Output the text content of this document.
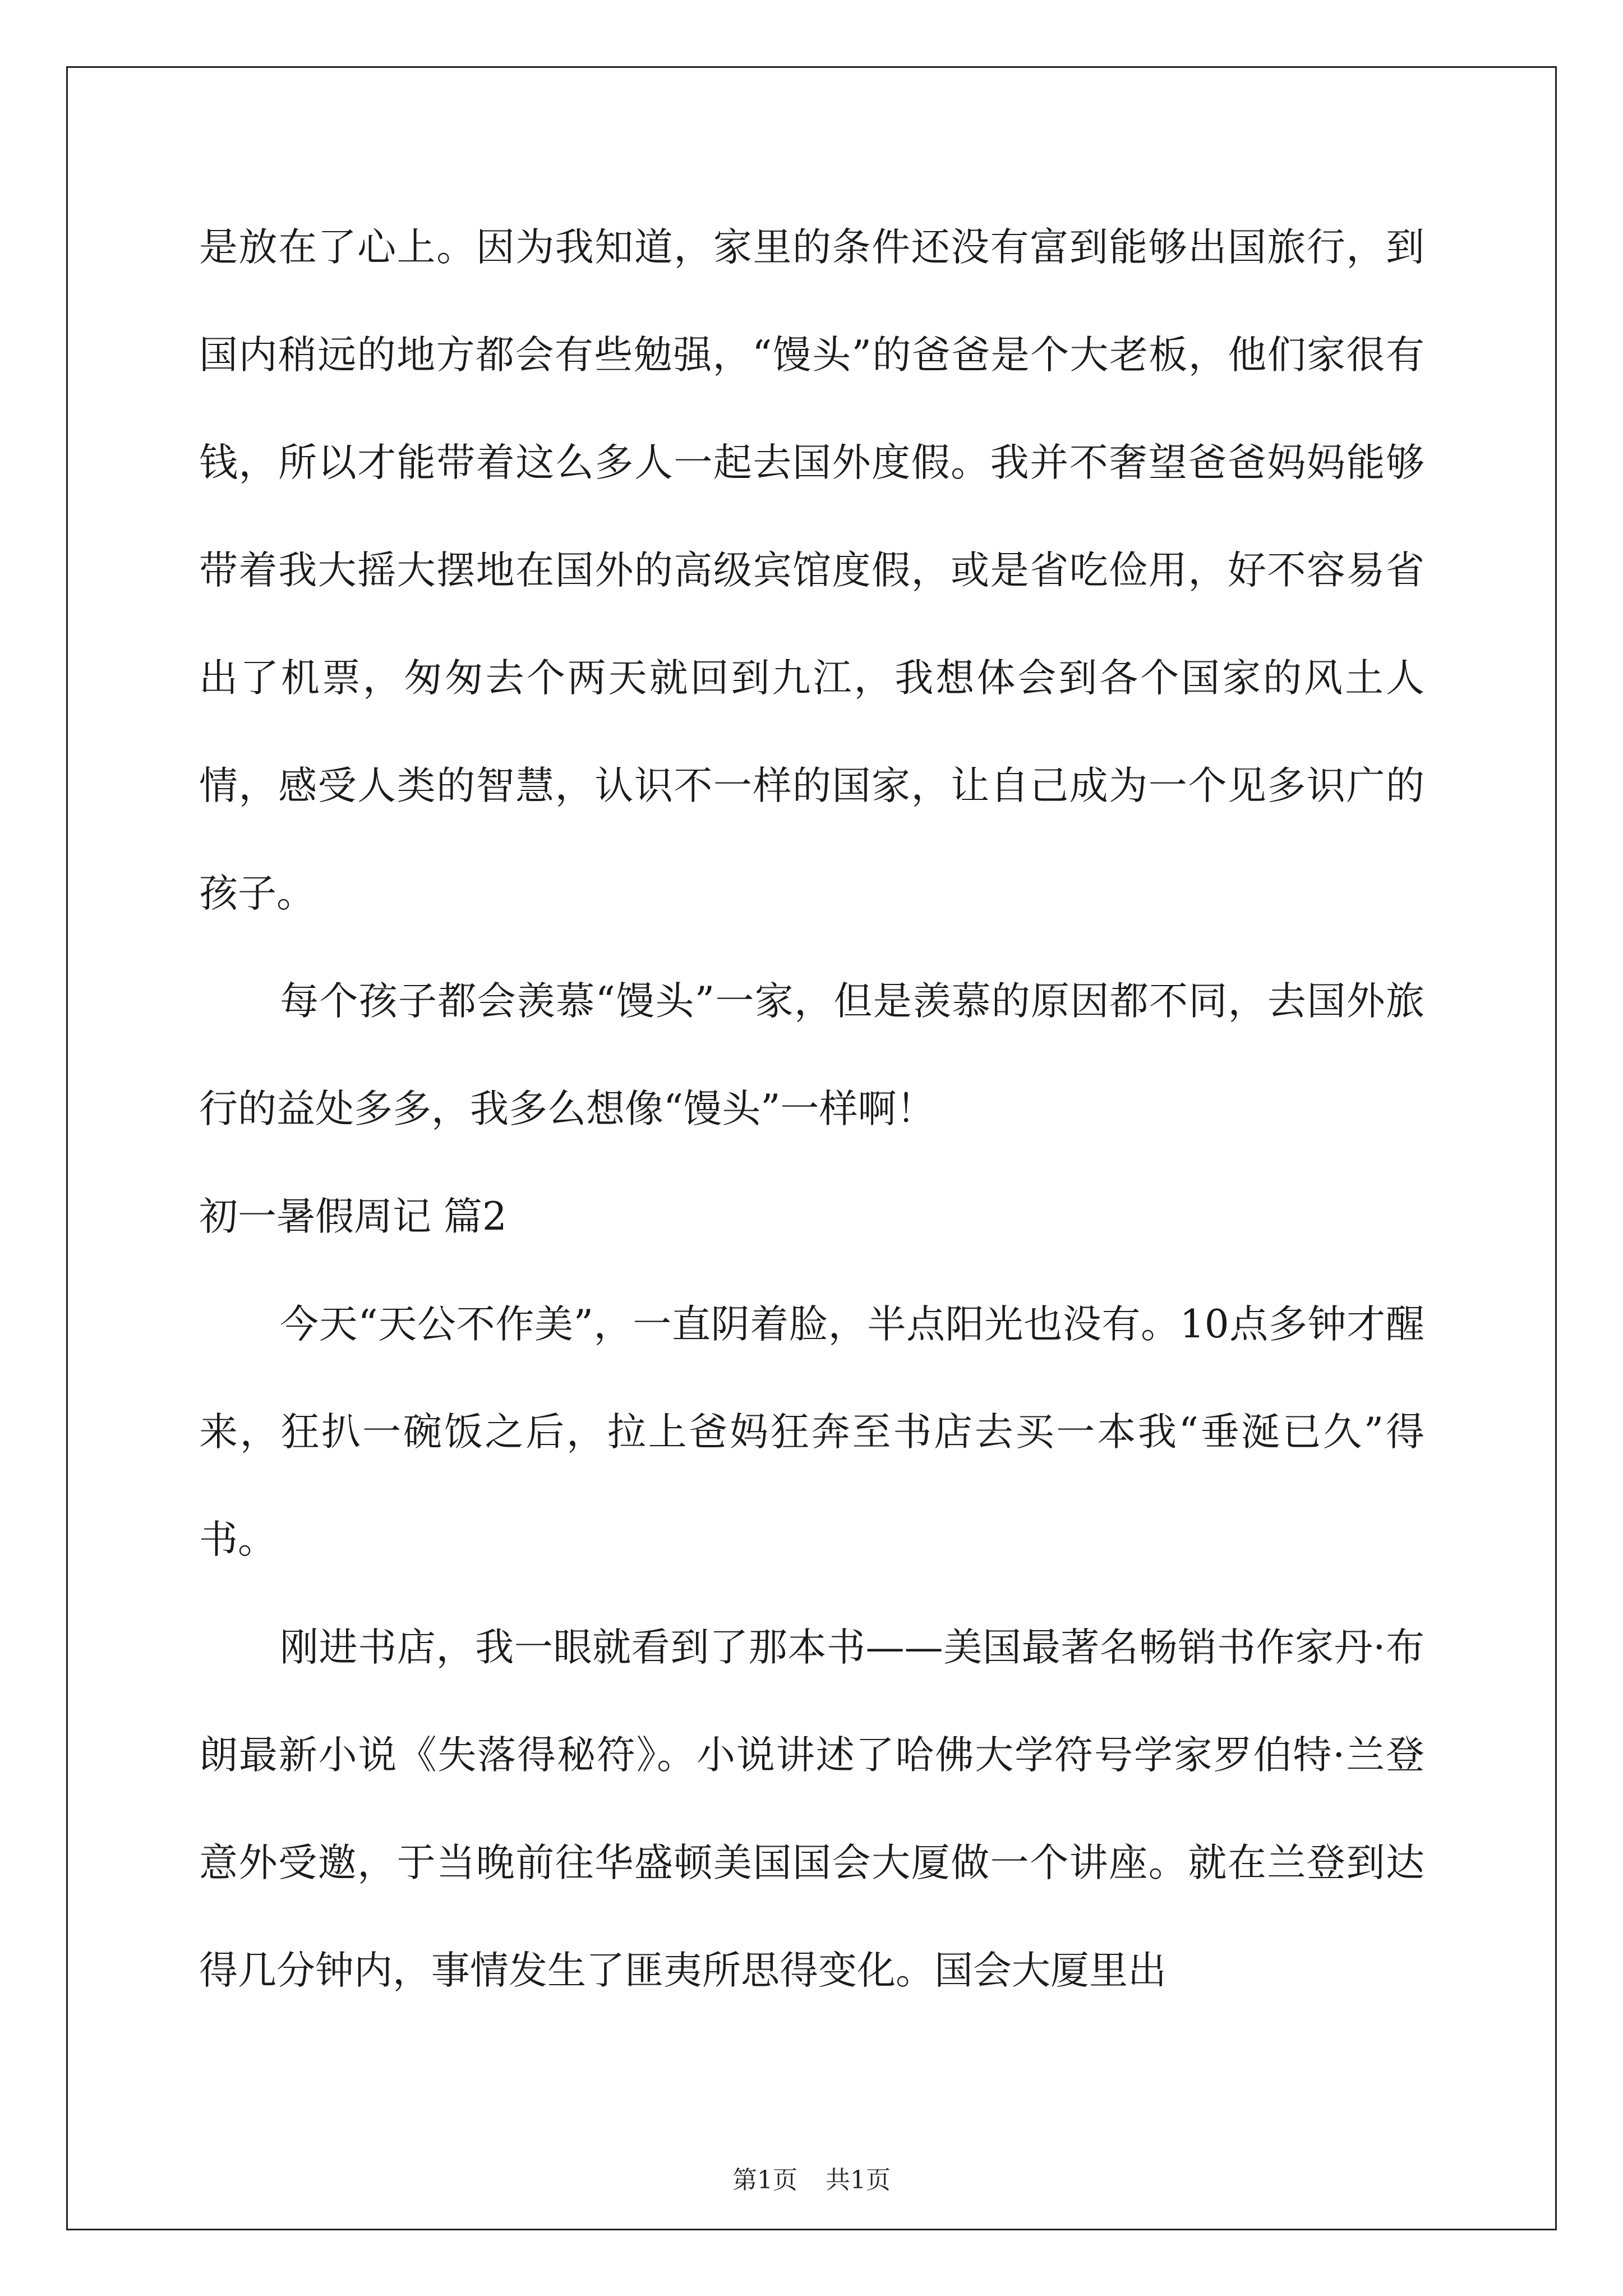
是放在了心上。因为我知道，家里的条件还没有富到能够出国旅行，到国内稍远的地方都会有些勉强，“馒头”的爸爸是个大老板，他们家很有钱，所以才能带着这么多人一起去国外度假。我并不奢望爸爸妈妈能够带着我大摇大摆地在国外的高级宾馆度假，或是省吃俭用，好不容易省出了机票，匆匆去个两天就回到九江，我想体会到各个国家的风土人情，感受人类的智慧，认识不一样的国家，让自己成为一个见多识广的孩子。

每个孩子都会羡慕“馒头”一家，但是羡慕的原因都不同，去国外旅行的益处多多，我多么想像“馒头”一样啊！

初一暑假周记 篇2

今天“天公不作美”，一直阴着脸，半点阳光也没有。10点多钟才醒来，狂扒一碗饭之后，拉上爸妈狂奔至书店去买一本我“垂涎已久”得书。

刚进书店，我一眼就看到了那本书——美国最著名畅销书作家丹·布朗最新小说《失落得秘符》。小说讲述了哈佛大学符号学家罗伯特·兰登意外受邀，于当晚前往华盛顿美国国会大厦做一个讲座。就在兰登到达得几分钟内，事情发生了匪夷所思得变化。国会大厦里出

第1页 共1页
